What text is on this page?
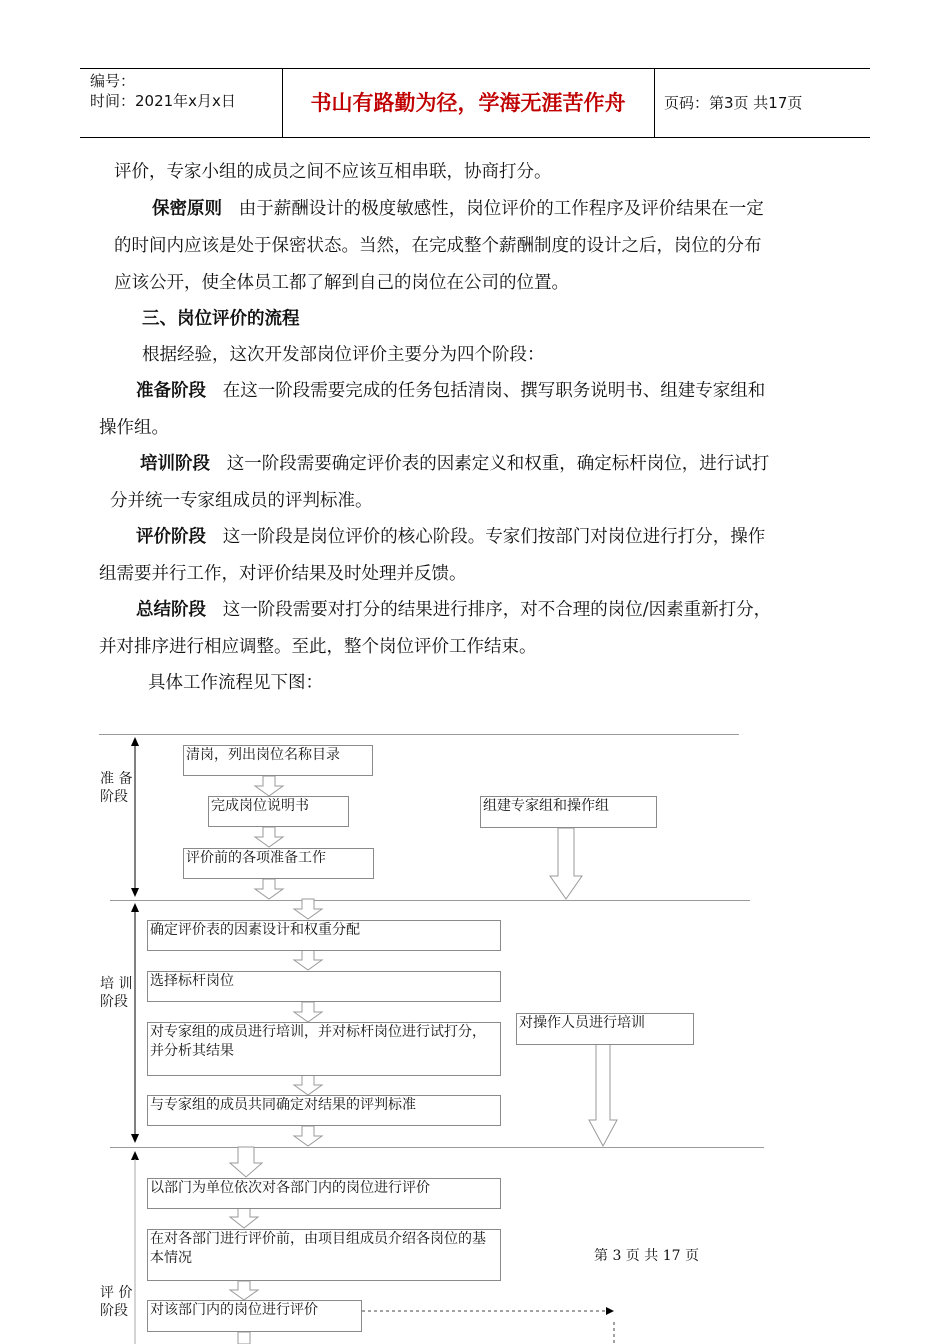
编号：
时间：2021年x月x日	书山有路勤为径，学海无涯苦作舟	页码：第3页 共17页
评价，专家小组的成员之间不应该互相串联，协商打分。
保密原则 由于薪酬设计的极度敏感性，岗位评价的工作程序及评价结果在一定
的时间内应该是处于保密状态。当然，在完成整个薪酬制度的设计之后，岗位的分布
应该公开，使全体员工都了解到自己的岗位在公司的位置。
三、岗位评价的流程
根据经验，这次开发部岗位评价主要分为四个阶段：
准备阶段 在这一阶段需要完成的任务包括清岗、撰写职务说明书、组建专家组和
操作组。
培训阶段 这一阶段需要确定评价表的因素定义和权重，确定标杆岗位，进行试打
分并统一专家组成员的评判标准。
评价阶段 这一阶段是岗位评价的核心阶段。专家们按部门对岗位进行打分，操作
组需要并行工作，对评价结果及时处理并反馈。
总结阶段 这一阶段需要对打分的结果进行排序，对不合理的岗位/因素重新打分，
并对排序进行相应调整。至此，整个岗位评价工作结束。
具体工作流程见下图：
准 备
阶段
培 训
阶段
评 价
阶段
清岗，列出岗位名称目录
完成岗位说明书	组建专家组和操作组
评价前的各项准备工作
确定评价表的因素设计和权重分配
选择标杆岗位
对专家组的成员进行培训，并对标杆岗位进行试打分，并分析其结果
对操作人员进行培训
与专家组的成员共同确定对结果的评判标准
以部门为单位依次对各部门内的岗位进行评价
在对各部门进行评价前，由项目组成员介绍各岗位的基本情况
对该部门内的岗位进行评价
第 3 页 共 17 页
